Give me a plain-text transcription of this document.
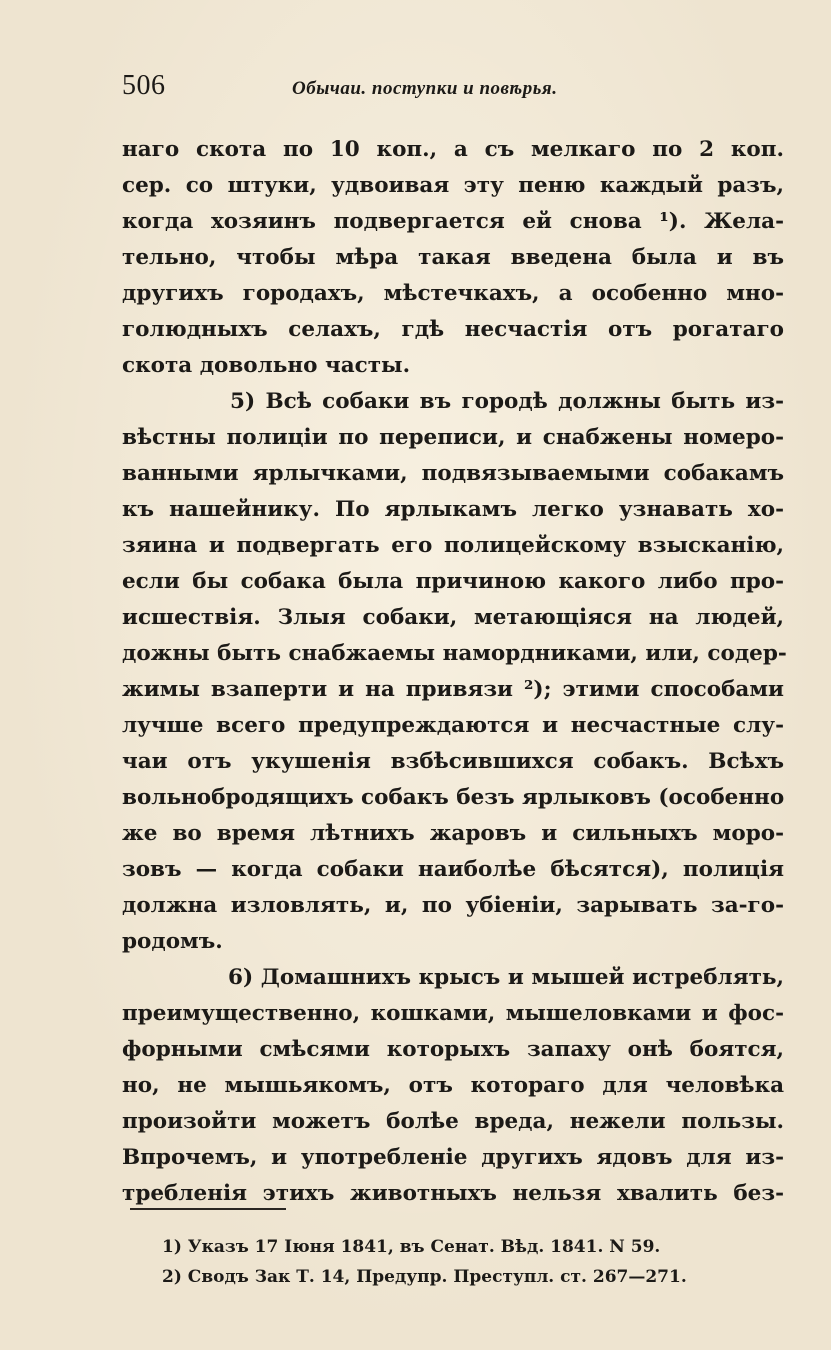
506	Обычаи. поступки и повѣрья.
наго скота по 10 коп., а съ мелкаго по 2 коп.
сер. со штуки, удвоивая эту пеню каждый разъ,
когда хозяинъ подвергается ей снова ¹). Жела-
тельно, чтобы мѣра такая введена была и въ
другихъ городахъ, мѣстечкахъ, а особенно мно-
голюдныхъ селахъ, гдѣ несчастія отъ рогатаго
скота довольно часты.
5) Всѣ собаки въ городѣ должны быть из-
вѣстны полиціи по переписи, и снабжены номеро-
ванными ярлычками, подвязываемыми собакамъ
къ нашейнику. По ярлыкамъ легко узнавать хо-
зяина и подвергать его полицейскому взысканію,
если бы собака была причиною какого либо про-
исшествія. Злыя собаки, метающіяся на людей,
дожны быть снабжаемы намордниками, или, содер-
жимы взаперти и на привязи ²); этими способами
лучше всего предупреждаются и несчастные слу-
чаи отъ укушенія взбѣсившихся собакъ. Всѣхъ
вольнобродящихъ собакъ безъ ярлыковъ (особенно
же во время лѣтнихъ жаровъ и сильныхъ моро-
зовъ — когда собаки наиболѣе бѣсятся), полиція
должна изловлять, и, по убіеніи, зарывать за-го-
родомъ.
6) Домашнихъ крысъ и мышей истреблять,
преимущественно, кошками, мышеловками и фос-
форными смѣсями которыхъ запаху онѣ боятся,
но, не мышьякомъ, отъ котораго для человѣка
произойти можетъ болѣе вреда, нежели пользы.
Впрочемъ, и употребленіе другихъ ядовъ для из-
требленія этихъ животныхъ нельзя хвалить без-
1) Указъ 17 Іюня 1841, въ Сенат. Вѣд. 1841. N 59.
2) Сводъ Зак Т. 14, Предупр. Преступл. ст. 267—271.
